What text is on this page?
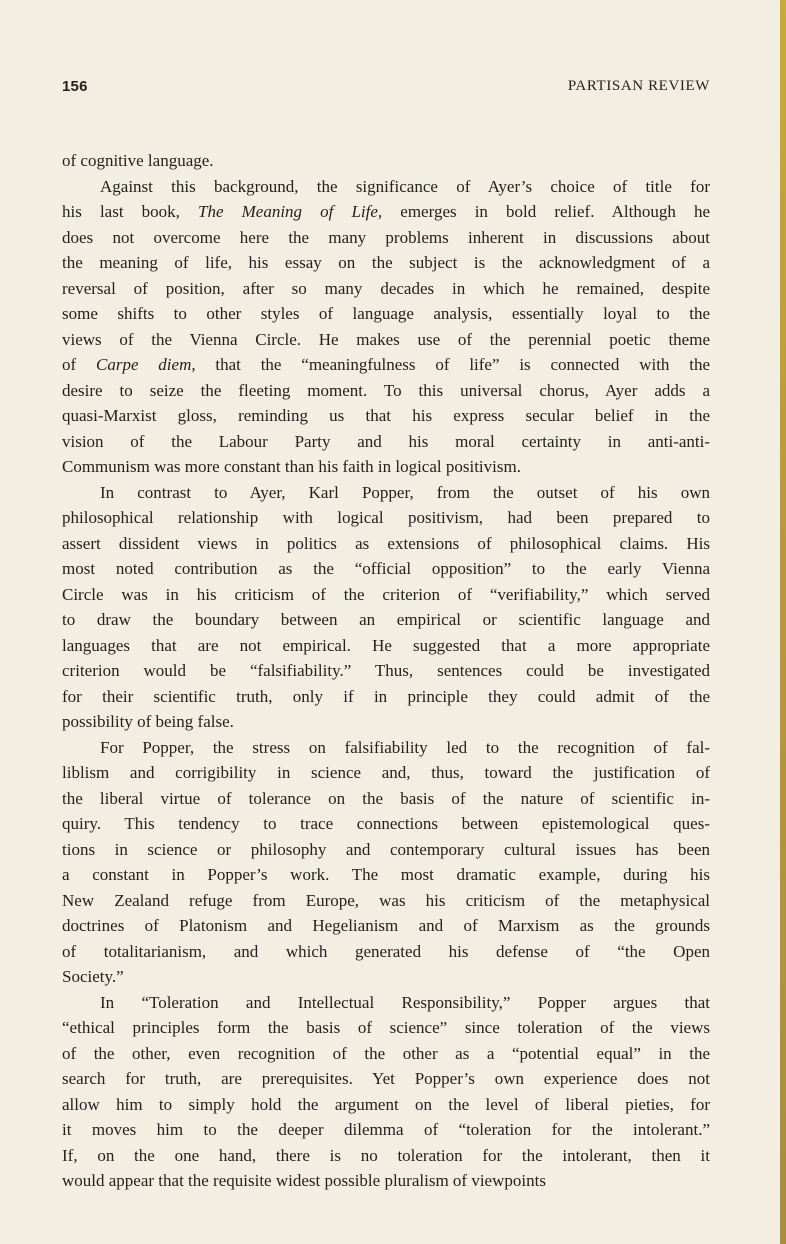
156	PARTISAN REVIEW

of cognitive language.

Against this background, the significance of Ayer’s choice of title for
his last book, The Meaning of Life, emerges in bold relief. Although he
does not overcome here the many problems inherent in discussions about
the meaning of life, his essay on the subject is the acknowledgment of a
reversal of position, after so many decades in which he remained, despite
some shifts to other styles of language analysis, essentially loyal to the
views of the Vienna Circle. He makes use of the perennial poetic theme
of Carpe diem, that the “meaningfulness of life” is connected with the
desire to seize the fleeting moment. To this universal chorus, Ayer adds a
quasi-Marxist gloss, reminding us that his express secular belief in the
vision of the Labour Party and his moral certainty in anti-anti-
Communism was more constant than his faith in logical positivism.

In contrast to Ayer, Karl Popper, from the outset of his own
philosophical relationship with logical positivism, had been prepared to
assert dissident views in politics as extensions of philosophical claims. His
most noted contribution as the “official opposition” to the early Vienna
Circle was in his criticism of the criterion of “verifiability,” which served
to draw the boundary between an empirical or scientific language and
languages that are not empirical. He suggested that a more appropriate
criterion would be “falsifiability.” Thus, sentences could be investigated
for their scientific truth, only if in principle they could admit of the
possibility of being false.

For Popper, the stress on falsifiability led to the recognition of fal-
liblism and corrigibility in science and, thus, toward the justification of
the liberal virtue of tolerance on the basis of the nature of scientific in-
quiry. This tendency to trace connections between epistemological ques-
tions in science or philosophy and contemporary cultural issues has been
a constant in Popper’s work. The most dramatic example, during his
New Zealand refuge from Europe, was his criticism of the metaphysical
doctrines of Platonism and Hegelianism and of Marxism as the grounds
of totalitarianism, and which generated his defense of “the Open
Society.”

In “Toleration and Intellectual Responsibility,” Popper argues that
“ethical principles form the basis of science” since toleration of the views
of the other, even recognition of the other as a “potential equal” in the
search for truth, are prerequisites. Yet Popper’s own experience does not
allow him to simply hold the argument on the level of liberal pieties, for
it moves him to the deeper dilemma of “toleration for the intolerant.”
If, on the one hand, there is no toleration for the intolerant, then it
would appear that the requisite widest possible pluralism of viewpoints
